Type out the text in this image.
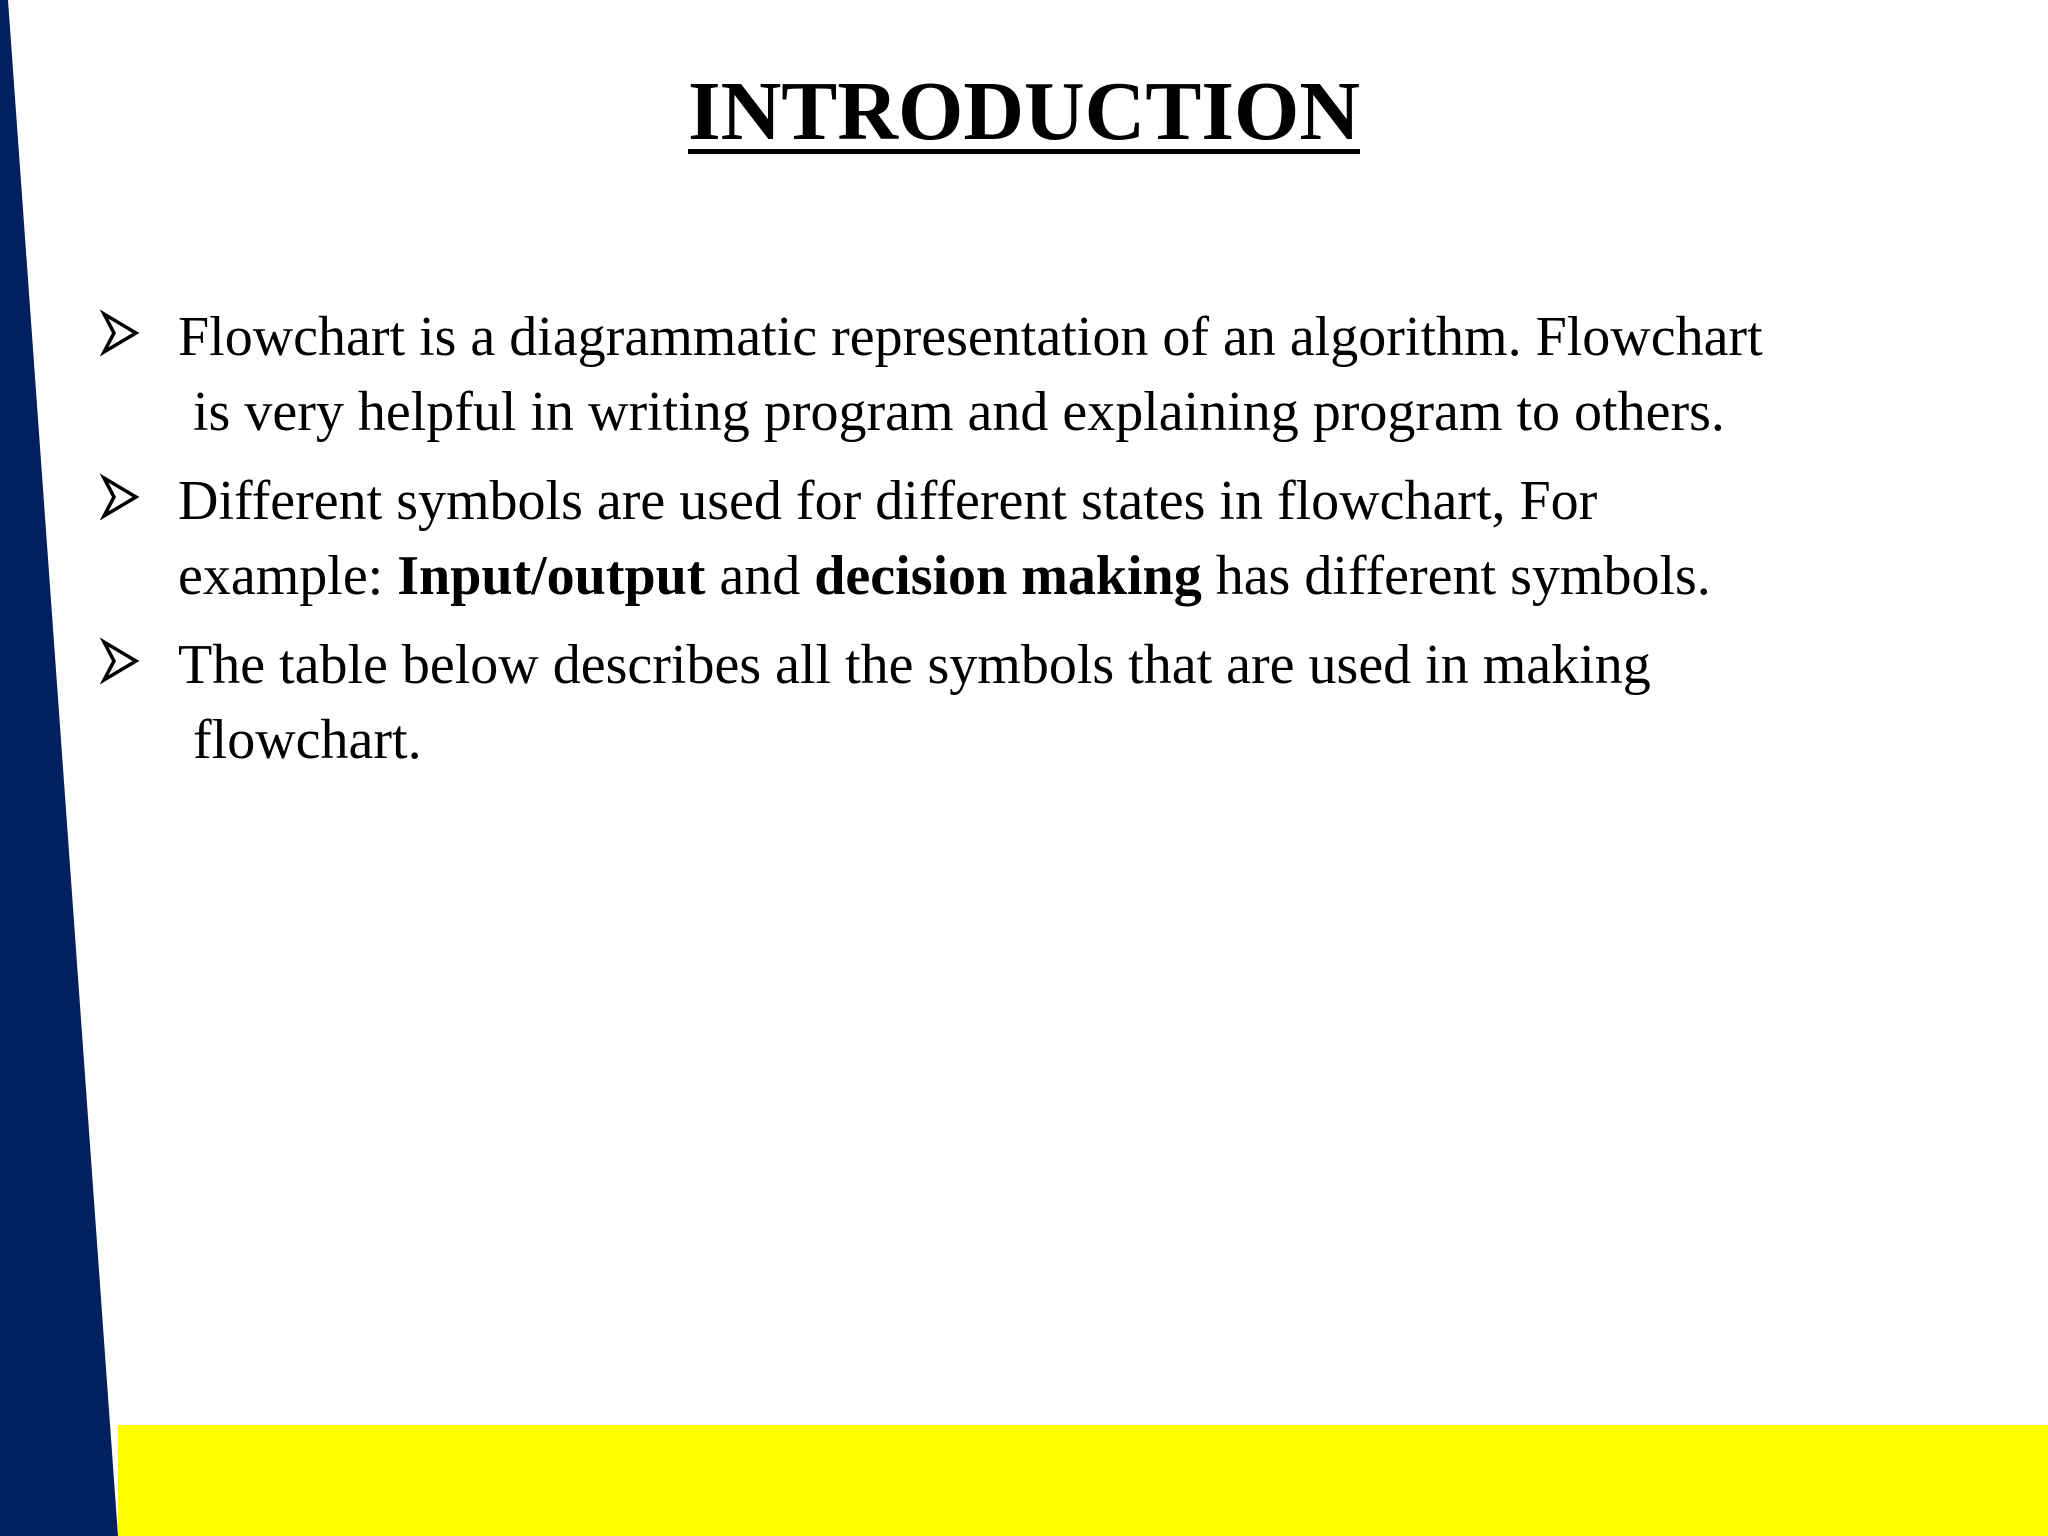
INTRODUCTION
Flowchart is a diagrammatic representation of an algorithm. Flowchart
is very helpful in writing program and explaining program to others.
Different symbols are used for different states in flowchart, For
example: Input/output and decision making has different symbols.
The table below describes all the symbols that are used in making
flowchart.
